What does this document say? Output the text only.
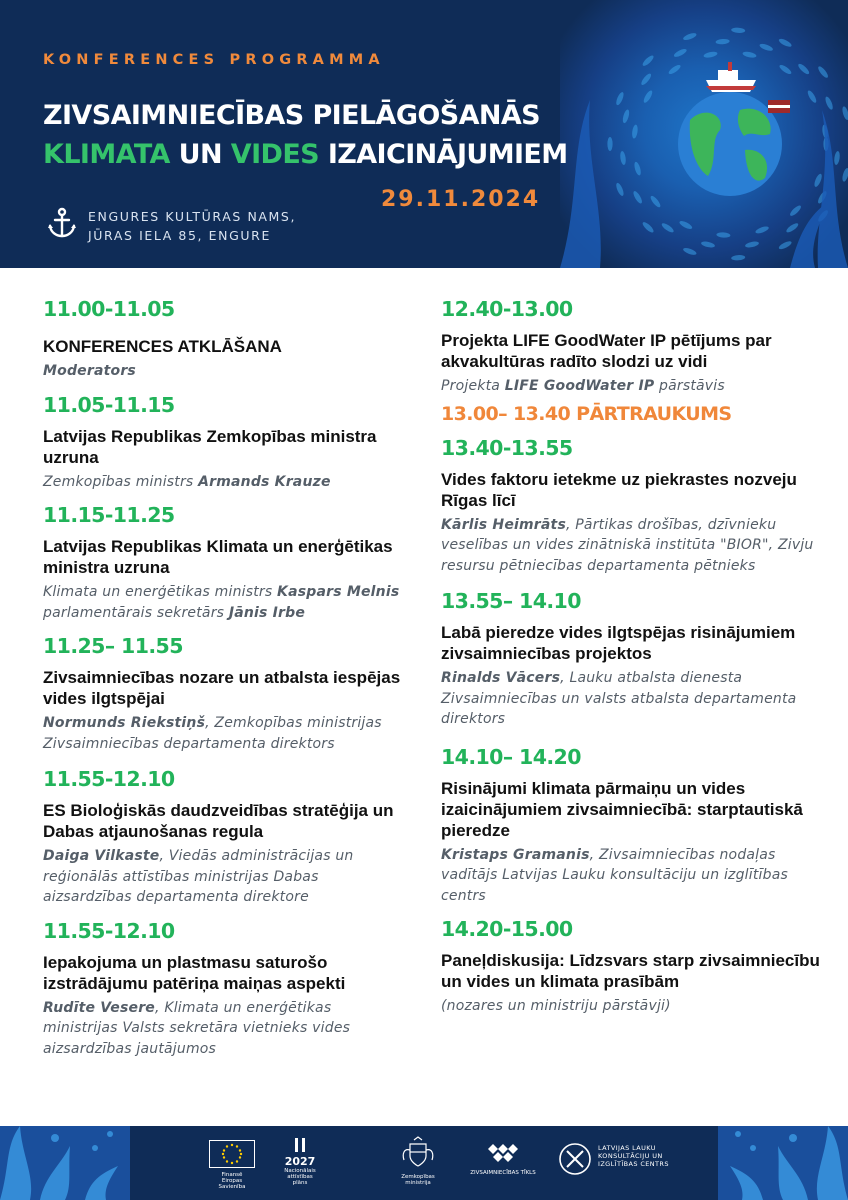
KONFERENCES PROGRAMMA
ZIVSAIMNIECĪBAS PIELĀGOŠANĀS
KLIMATA UN VIDES IZAICINĀJUMIEM
29.11.2024
ENGURES KULTŪRAS NAMS,
JŪRAS IELA 85, ENGURE
11.00-11.05
KONFERENCES ATKLĀŠANA
Moderators
11.05-11.15
Latvijas Republikas Zemkopības ministra uzruna
Zemkopības ministrs Armands Krauze
11.15-11.25
Latvijas Republikas Klimata un enerģētikas ministra uzruna
Klimata un enerģētikas ministrs Kaspars Melnis parlamentārais sekretārs Jānis Irbe
11.25– 11.55
Zivsaimniecības nozare un atbalsta iespējas vides ilgtspējai
Normunds Riekstiņš, Zemkopības ministrijas Zivsaimniecības departamenta direktors
11.55-12.10
ES Bioloģiskās daudzveidības stratēģija un Dabas atjaunošanas regula
Daiga Vilkaste, Viedās administrācijas un reģionālās attīstības ministrijas Dabas aizsardzības departamenta direktore
11.55-12.10
Iepakojuma un plastmasu saturošo izstrādājumu patēriņa maiņas aspekti
Rudīte Vesere, Klimata un enerģētikas ministrijas Valsts sekretāra vietnieks vides aizsardzības jautājumos
12.40-13.00
Projekta LIFE GoodWater IP pētījums par akvakultūras radīto slodzi uz vidi
Projekta LIFE GoodWater IP pārstāvis
13.00– 13.40 PĀRTRAUKUMS
13.40-13.55
Vides faktoru ietekme uz piekrastes nozveju Rīgas līcī
Kārlis Heimrāts, Pārtikas drošības, dzīvnieku veselības un vides zinātniskā institūta "BIOR", Zivju resursu pētniecības departamenta pētnieks
13.55– 14.10
Labā pieredze vides ilgtspējas risinājumiem zivsaimniecības projektos
Rinalds Vācers, Lauku atbalsta dienesta Zivsaimniecības un valsts atbalsta departamenta direktors
14.10– 14.20
Risinājumi klimata pārmaiņu un vides izaicinājumiem zivsaimniecībā: starptautiskā pieredze
Kristaps Gramanis, Zivsaimniecības nodaļas vadītājs Latvijas Lauku konsultāciju un izglītības centrs
14.20-15.00
Paneļdiskusija: Līdzsvars starp zivsaimniecību un vides un klimata prasībām
(nozares un ministriju pārstāvji)
Finansē
Eiropas Savienība
2027
Nacionālais attīstības plāns
Zemkopības ministrija
ZIVSAIMNIECĪBAS TĪKLS
LATVIJAS LAUKU
KONSULTĀCIJU UN
IZGLĪTĪBAS CENTRS
